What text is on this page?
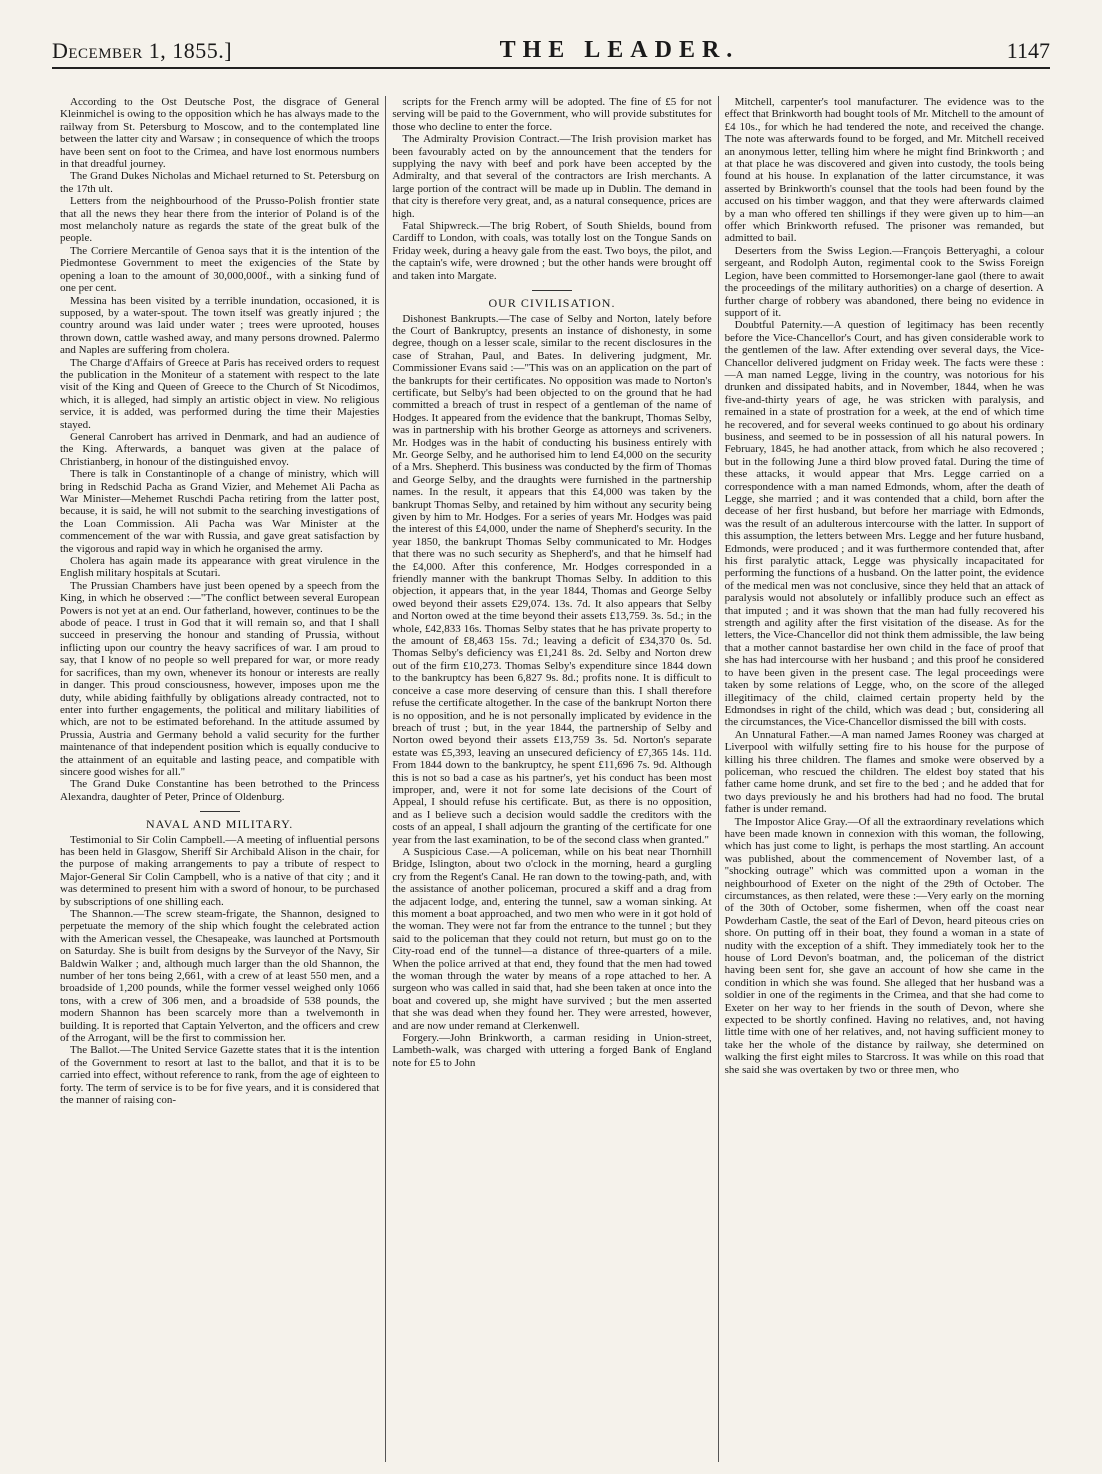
December 1, 1855.]	THE LEADER.	1147

According to the Ost Deutsche Post, the disgrace of General Kleinmichel is owing to the opposition which he has always made to the railway from St. Petersburg to Moscow, and to the contemplated line between the latter city and Warsaw ; in consequence of which the troops have been sent on foot to the Crimea, and have lost enormous numbers in that dreadful journey.

The Grand Dukes Nicholas and Michael returned to St. Petersburg on the 17th ult.

Letters from the neighbourhood of the Prusso-Polish frontier state that all the news they hear there from the interior of Poland is of the most melancholy nature as regards the state of the great bulk of the people.

The Corriere Mercantile of Genoa says that it is the intention of the Piedmontese Government to meet the exigencies of the State by opening a loan to the amount of 30,000,000f., with a sinking fund of one per cent.

Messina has been visited by a terrible inundation, occasioned, it is supposed, by a water-spout. The town itself was greatly injured ; the country around was laid under water ; trees were uprooted, houses thrown down, cattle washed away, and many persons drowned. Palermo and Naples are suffering from cholera.

The Charge d'Affairs of Greece at Paris has received orders to request the publication in the Moniteur of a statement with respect to the late visit of the King and Queen of Greece to the Church of St Nicodimos, which, it is alleged, had simply an artistic object in view. No religious service, it is added, was performed during the time their Majesties stayed.

General Canrobert has arrived in Denmark, and had an audience of the King. Afterwards, a banquet was given at the palace of Christianberg, in honour of the distinguished envoy.

There is talk in Constantinople of a change of ministry, which will bring in Redschid Pacha as Grand Vizier, and Mehemet Ali Pacha as War Minister—Mehemet Ruschdi Pacha retiring from the latter post, because, it is said, he will not submit to the searching investigations of the Loan Commission. Ali Pacha was War Minister at the commencement of the war with Russia, and gave great satisfaction by the vigorous and rapid way in which he organised the army.

Cholera has again made its appearance with great virulence in the English military hospitals at Scutari.

The Prussian Chambers have just been opened by a speech from the King, in which he observed :—"The conflict between several European Powers is not yet at an end. Our fatherland, however, continues to be the abode of peace. I trust in God that it will remain so, and that I shall succeed in preserving the honour and standing of Prussia, without inflicting upon our country the heavy sacrifices of war. I am proud to say, that I know of no people so well prepared for war, or more ready for sacrifices, than my own, whenever its honour or interests are really in danger. This proud consciousness, however, imposes upon me the duty, while abiding faithfully by obligations already contracted, not to enter into further engagements, the political and military liabilities of which, are not to be estimated beforehand. In the attitude assumed by Prussia, Austria and Germany behold a valid security for the further maintenance of that independent position which is equally conducive to the attainment of an equitable and lasting peace, and compatible with sincere good wishes for all."

The Grand Duke Constantine has been betrothed to the Princess Alexandra, daughter of Peter, Prince of Oldenburg.

NAVAL AND MILITARY.

Testimonial to Sir Colin Campbell.—A meeting of influential persons has been held in Glasgow, Sheriff Sir Archibald Alison in the chair, for the purpose of making arrangements to pay a tribute of respect to Major-General Sir Colin Campbell, who is a native of that city ; and it was determined to present him with a sword of honour, to be purchased by subscriptions of one shilling each.

The Shannon.—The screw steam-frigate, the Shannon, designed to perpetuate the memory of the ship which fought the celebrated action with the American vessel, the Chesapeake, was launched at Portsmouth on Saturday. She is built from designs by the Surveyor of the Navy, Sir Baldwin Walker ; and, although much larger than the old Shannon, the number of her tons being 2,661, with a crew of at least 550 men, and a broadside of 1,200 pounds, while the former vessel weighed only 1066 tons, with a crew of 306 men, and a broadside of 538 pounds, the modern Shannon has been scarcely more than a twelvemonth in building. It is reported that Captain Yelverton, and the officers and crew of the Arrogant, will be the first to commission her.

The Ballot.—The United Service Gazette states that it is the intention of the Government to resort at last to the ballot, and that it is to be carried into effect, without reference to rank, from the age of eighteen to forty. The term of service is to be for five years, and it is considered that the manner of raising con-

scripts for the French army will be adopted. The fine of £5 for not serving will be paid to the Government, who will provide substitutes for those who decline to enter the force.

The Admiralty Provision Contract.—The Irish provision market has been favourably acted on by the announcement that the tenders for supplying the navy with beef and pork have been accepted by the Admiralty, and that several of the contractors are Irish merchants. A large portion of the contract will be made up in Dublin. The demand in that city is therefore very great, and, as a natural consequence, prices are high.

Fatal Shipwreck.—The brig Robert, of South Shields, bound from Cardiff to London, with coals, was totally lost on the Tongue Sands on Friday week, during a heavy gale from the east. Two boys, the pilot, and the captain's wife, were drowned ; but the other hands were brought off and taken into Margate.

OUR CIVILISATION.

Dishonest Bankrupts.—The case of Selby and Norton, lately before the Court of Bankruptcy, presents an instance of dishonesty, in some degree, though on a lesser scale, similar to the recent disclosures in the case of Strahan, Paul, and Bates. In delivering judgment, Mr. Commissioner Evans said :—"This was on an application on the part of the bankrupts for their certificates. No opposition was made to Norton's certificate, but Selby's had been objected to on the ground that he had committed a breach of trust in respect of a gentleman of the name of Hodges. It appeared from the evidence that the bankrupt, Thomas Selby, was in partnership with his brother George as attorneys and scriveners. Mr. Hodges was in the habit of conducting his business entirely with Mr. George Selby, and he authorised him to lend £4,000 on the security of a Mrs. Shepherd. This business was conducted by the firm of Thomas and George Selby, and the draughts were furnished in the partnership names. In the result, it appears that this £4,000 was taken by the bankrupt Thomas Selby, and retained by him without any security being given by him to Mr. Hodges. For a series of years Mr. Hodges was paid the interest of this £4,000, under the name of Shepherd's security. In the year 1850, the bankrupt Thomas Selby communicated to Mr. Hodges that there was no such security as Shepherd's, and that he himself had the £4,000. After this conference, Mr. Hodges corresponded in a friendly manner with the bankrupt Thomas Selby. In addition to this objection, it appears that, in the year 1844, Thomas and George Selby owed beyond their assets £29,074. 13s. 7d. It also appears that Selby and Norton owed at the time beyond their assets £13,759. 3s. 5d.; in the whole, £42,833 16s. Thomas Selby states that he has private property to the amount of £8,463 15s. 7d.; leaving a deficit of £34,370 0s. 5d. Thomas Selby's deficiency was £1,241 8s. 2d. Selby and Norton drew out of the firm £10,273. Thomas Selby's expenditure since 1844 down to the bankruptcy has been 6,827 9s. 8d.; profits none. It is difficult to conceive a case more deserving of censure than this. I shall therefore refuse the certificate altogether. In the case of the bankrupt Norton there is no opposition, and he is not personally implicated by evidence in the breach of trust ; but, in the year 1844, the partnership of Selby and Norton owed beyond their assets £13,759 3s. 5d. Norton's separate estate was £5,393, leaving an unsecured deficiency of £7,365 14s. 11d. From 1844 down to the bankruptcy, he spent £11,696 7s. 9d. Although this is not so bad a case as his partner's, yet his conduct has been most improper, and, were it not for some late decisions of the Court of Appeal, I should refuse his certificate. But, as there is no opposition, and as I believe such a decision would saddle the creditors with the costs of an appeal, I shall adjourn the granting of the certificate for one year from the last examination, to be of the second class when granted."

A Suspicious Case.—A policeman, while on his beat near Thornhill Bridge, Islington, about two o'clock in the morning, heard a gurgling cry from the Regent's Canal. He ran down to the towing-path, and, with the assistance of another policeman, procured a skiff and a drag from the adjacent lodge, and, entering the tunnel, saw a woman sinking. At this moment a boat approached, and two men who were in it got hold of the woman. They were not far from the entrance to the tunnel ; but they said to the policeman that they could not return, but must go on to the City-road end of the tunnel—a distance of three-quarters of a mile. When the police arrived at that end, they found that the men had towed the woman through the water by means of a rope attached to her. A surgeon who was called in said that, had she been taken at once into the boat and covered up, she might have survived ; but the men asserted that she was dead when they found her. They were arrested, however, and are now under remand at Clerkenwell.

Forgery.—John Brinkworth, a carman residing in Union-street, Lambeth-walk, was charged with uttering a forged Bank of England note for £5 to John

Mitchell, carpenter's tool manufacturer. The evidence was to the effect that Brinkworth had bought tools of Mr. Mitchell to the amount of £4 10s., for which he had tendered the note, and received the change. The note was afterwards found to be forged, and Mr. Mitchell received an anonymous letter, telling him where he might find Brinkworth ; and at that place he was discovered and given into custody, the tools being found at his house. In explanation of the latter circumstance, it was asserted by Brinkworth's counsel that the tools had been found by the accused on his timber waggon, and that they were afterwards claimed by a man who offered ten shillings if they were given up to him—an offer which Brinkworth refused. The prisoner was remanded, but admitted to bail.

Deserters from the Swiss Legion.—François Betteryaghi, a colour sergeant, and Rodolph Auton, regimental cook to the Swiss Foreign Legion, have been committed to Horsemonger-lane gaol (there to await the proceedings of the military authorities) on a charge of desertion. A further charge of robbery was abandoned, there being no evidence in support of it.

Doubtful Paternity.—A question of legitimacy has been recently before the Vice-Chancellor's Court, and has given considerable work to the gentlemen of the law. After extending over several days, the Vice-Chancellor delivered judgment on Friday week. The facts were these :—A man named Legge, living in the country, was notorious for his drunken and dissipated habits, and in November, 1844, when he was five-and-thirty years of age, he was stricken with paralysis, and remained in a state of prostration for a week, at the end of which time he recovered, and for several weeks continued to go about his ordinary business, and seemed to be in possession of all his natural powers. In February, 1845, he had another attack, from which he also recovered ; but in the following June a third blow proved fatal. During the time of these attacks, it would appear that Mrs. Legge carried on a correspondence with a man named Edmonds, whom, after the death of Legge, she married ; and it was contended that a child, born after the decease of her first husband, but before her marriage with Edmonds, was the result of an adulterous intercourse with the latter. In support of this assumption, the letters between Mrs. Legge and her future husband, Edmonds, were produced ; and it was furthermore contended that, after his first paralytic attack, Legge was physically incapacitated for performing the functions of a husband. On the latter point, the evidence of the medical men was not conclusive, since they held that an attack of paralysis would not absolutely or infallibly produce such an effect as that imputed ; and it was shown that the man had fully recovered his strength and agility after the first visitation of the disease. As for the letters, the Vice-Chancellor did not think them admissible, the law being that a mother cannot bastardise her own child in the face of proof that she has had intercourse with her husband ; and this proof he considered to have been given in the present case. The legal proceedings were taken by some relations of Legge, who, on the score of the alleged illegitimacy of the child, claimed certain property held by the Edmondses in right of the child, which was dead ; but, considering all the circumstances, the Vice-Chancellor dismissed the bill with costs.

An Unnatural Father.—A man named James Rooney was charged at Liverpool with wilfully setting fire to his house for the purpose of killing his three children. The flames and smoke were observed by a policeman, who rescued the children. The eldest boy stated that his father came home drunk, and set fire to the bed ; and he added that for two days previously he and his brothers had had no food. The brutal father is under remand.

The Impostor Alice Gray.—Of all the extraordinary revelations which have been made known in connexion with this woman, the following, which has just come to light, is perhaps the most startling. An account was published, about the commencement of November last, of a "shocking outrage" which was committed upon a woman in the neighbourhood of Exeter on the night of the 29th of October. The circumstances, as then related, were these :—Very early on the morning of the 30th of October, some fishermen, when off the coast near Powderham Castle, the seat of the Earl of Devon, heard piteous cries on shore. On putting off in their boat, they found a woman in a state of nudity with the exception of a shift. They immediately took her to the house of Lord Devon's boatman, and, the policeman of the district having been sent for, she gave an account of how she came in the condition in which she was found. She alleged that her husband was a soldier in one of the regiments in the Crimea, and that she had come to Exeter on her way to her friends in the south of Devon, where she expected to be shortly confined. Having no relatives, and, not having little time with one of her relatives, and, not having sufficient money to take her the whole of the distance by railway, she determined on walking the first eight miles to Starcross. It was while on this road that she said she was overtaken by two or three men, who
